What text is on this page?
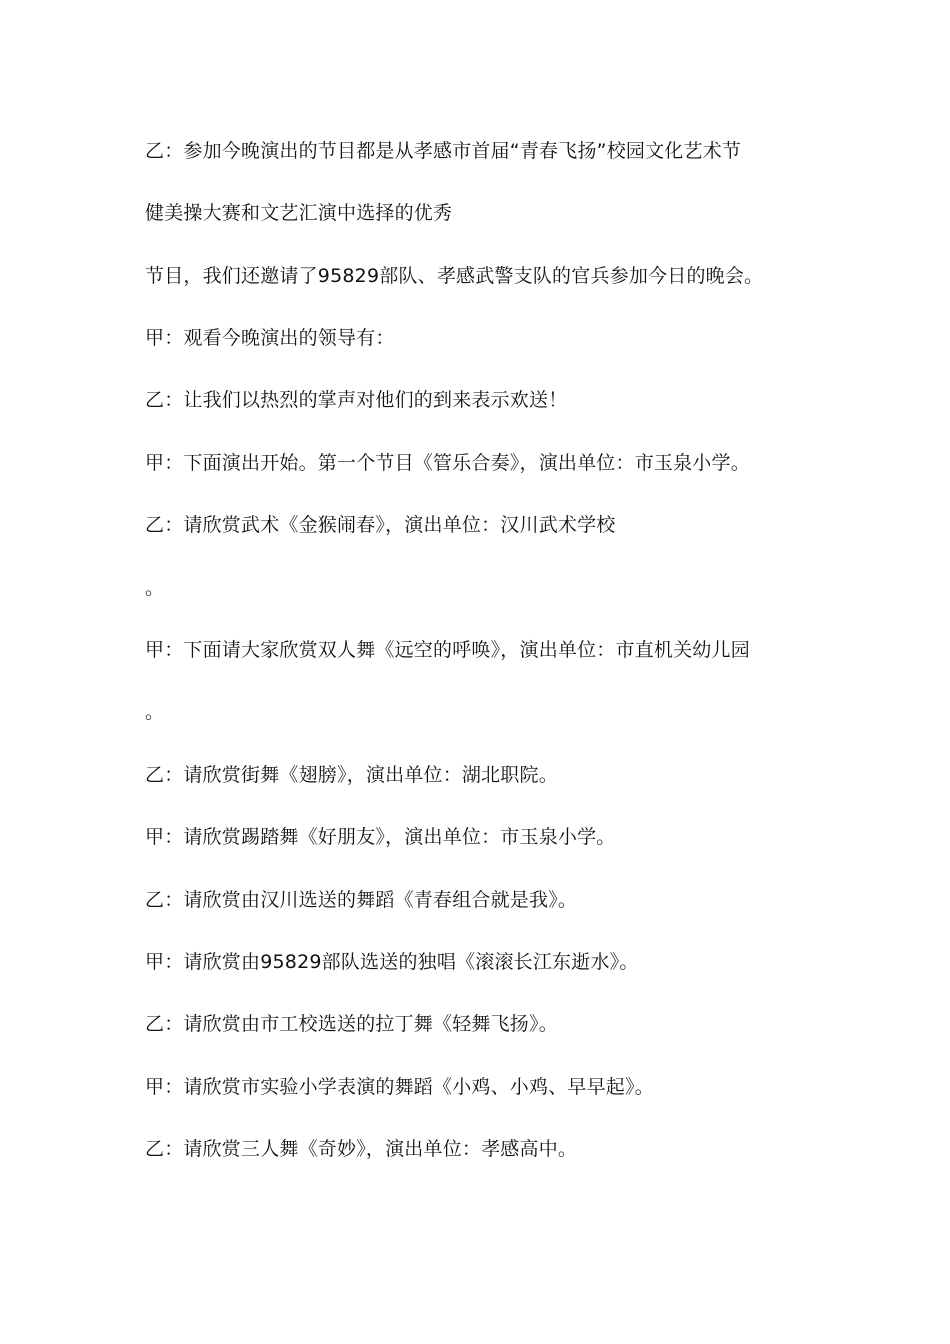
乙：参加今晚演出的节目都是从孝感市首届“青春飞扬”校园文化艺术节
健美操大赛和文艺汇演中选择的优秀
节目，我们还邀请了95829部队、孝感武警支队的官兵参加今日的晚会。
甲：观看今晚演出的领导有：
乙：让我们以热烈的掌声对他们的到来表示欢送！
甲：下面演出开始。第一个节目《管乐合奏》，演出单位：市玉泉小学。
乙：请欣赏武术《金猴闹春》，演出单位：汉川武术学校
。
甲：下面请大家欣赏双人舞《远空的呼唤》，演出单位：市直机关幼儿园
。
乙：请欣赏街舞《翅膀》，演出单位：湖北职院。
甲：请欣赏踢踏舞《好朋友》，演出单位：市玉泉小学。
乙：请欣赏由汉川选送的舞蹈《青春组合就是我》。
甲：请欣赏由95829部队选送的独唱《滚滚长江东逝水》。
乙：请欣赏由市工校选送的拉丁舞《轻舞飞扬》。
甲：请欣赏市实验小学表演的舞蹈《小鸡、小鸡、早早起》。
乙：请欣赏三人舞《奇妙》，演出单位：孝感高中。
